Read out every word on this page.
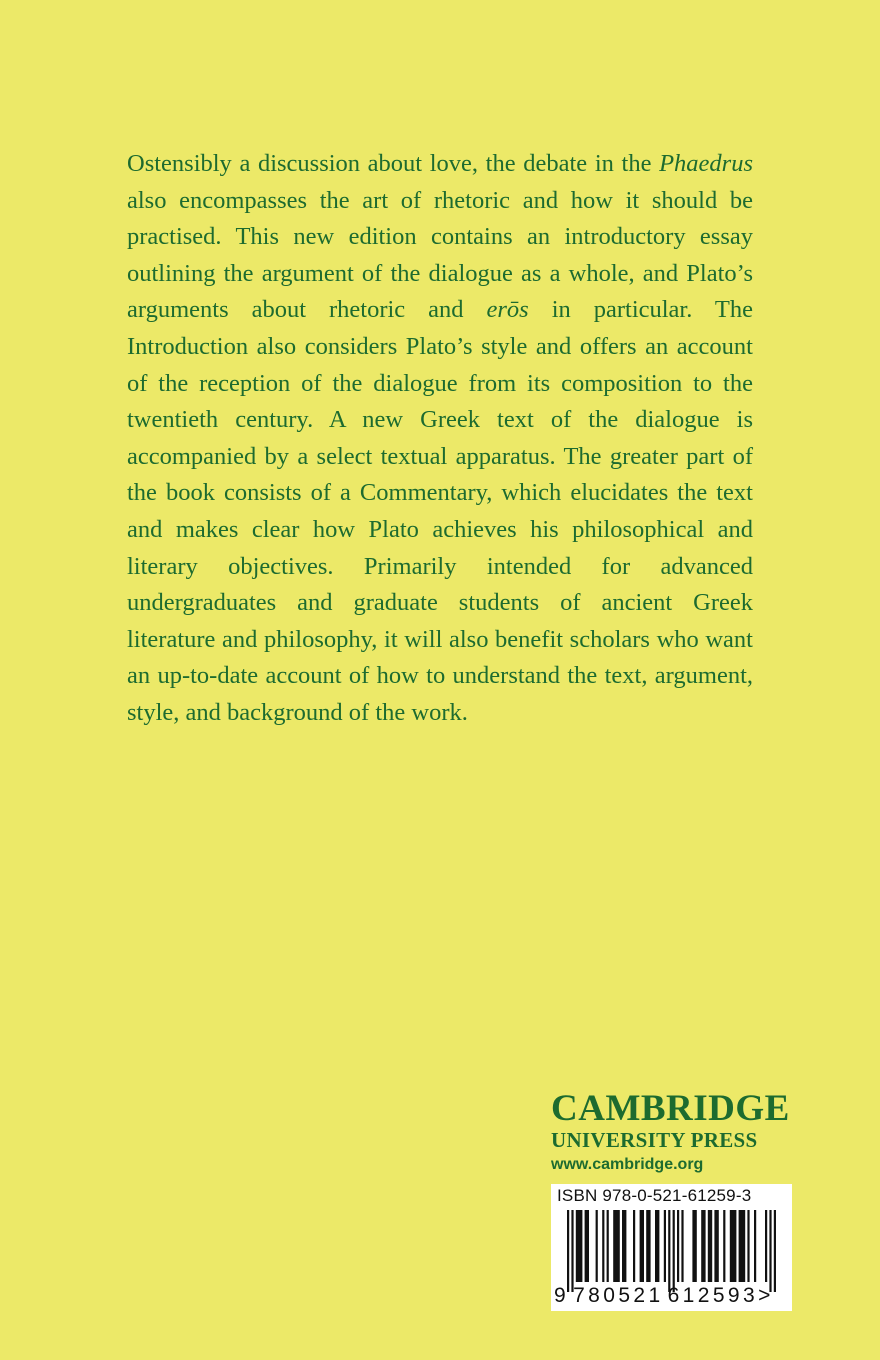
Ostensibly a discussion about love, the debate in the Phaedrus also encompasses the art of rhetoric and how it should be practised. This new edition contains an introductory essay outlining the argument of the dialogue as a whole, and Plato’s arguments about rhetoric and erōs in particular. The Introduction also considers Plato’s style and offers an account of the reception of the dialogue from its composition to the twentieth century. A new Greek text of the dialogue is accompanied by a select textual apparatus. The greater part of the book consists of a Commentary, which elucidates the text and makes clear how Plato achieves his philosophical and literary objectives. Primarily intended for advanced undergraduates and graduate students of ancient Greek literature and philosophy, it will also benefit scholars who want an up-to-date account of how to understand the text, argument, style, and background of the work.

CAMBRIDGE
UNIVERSITY PRESS
www.cambridge.org
ISBN 978-0-521-61259-3
9 780521 612593>
